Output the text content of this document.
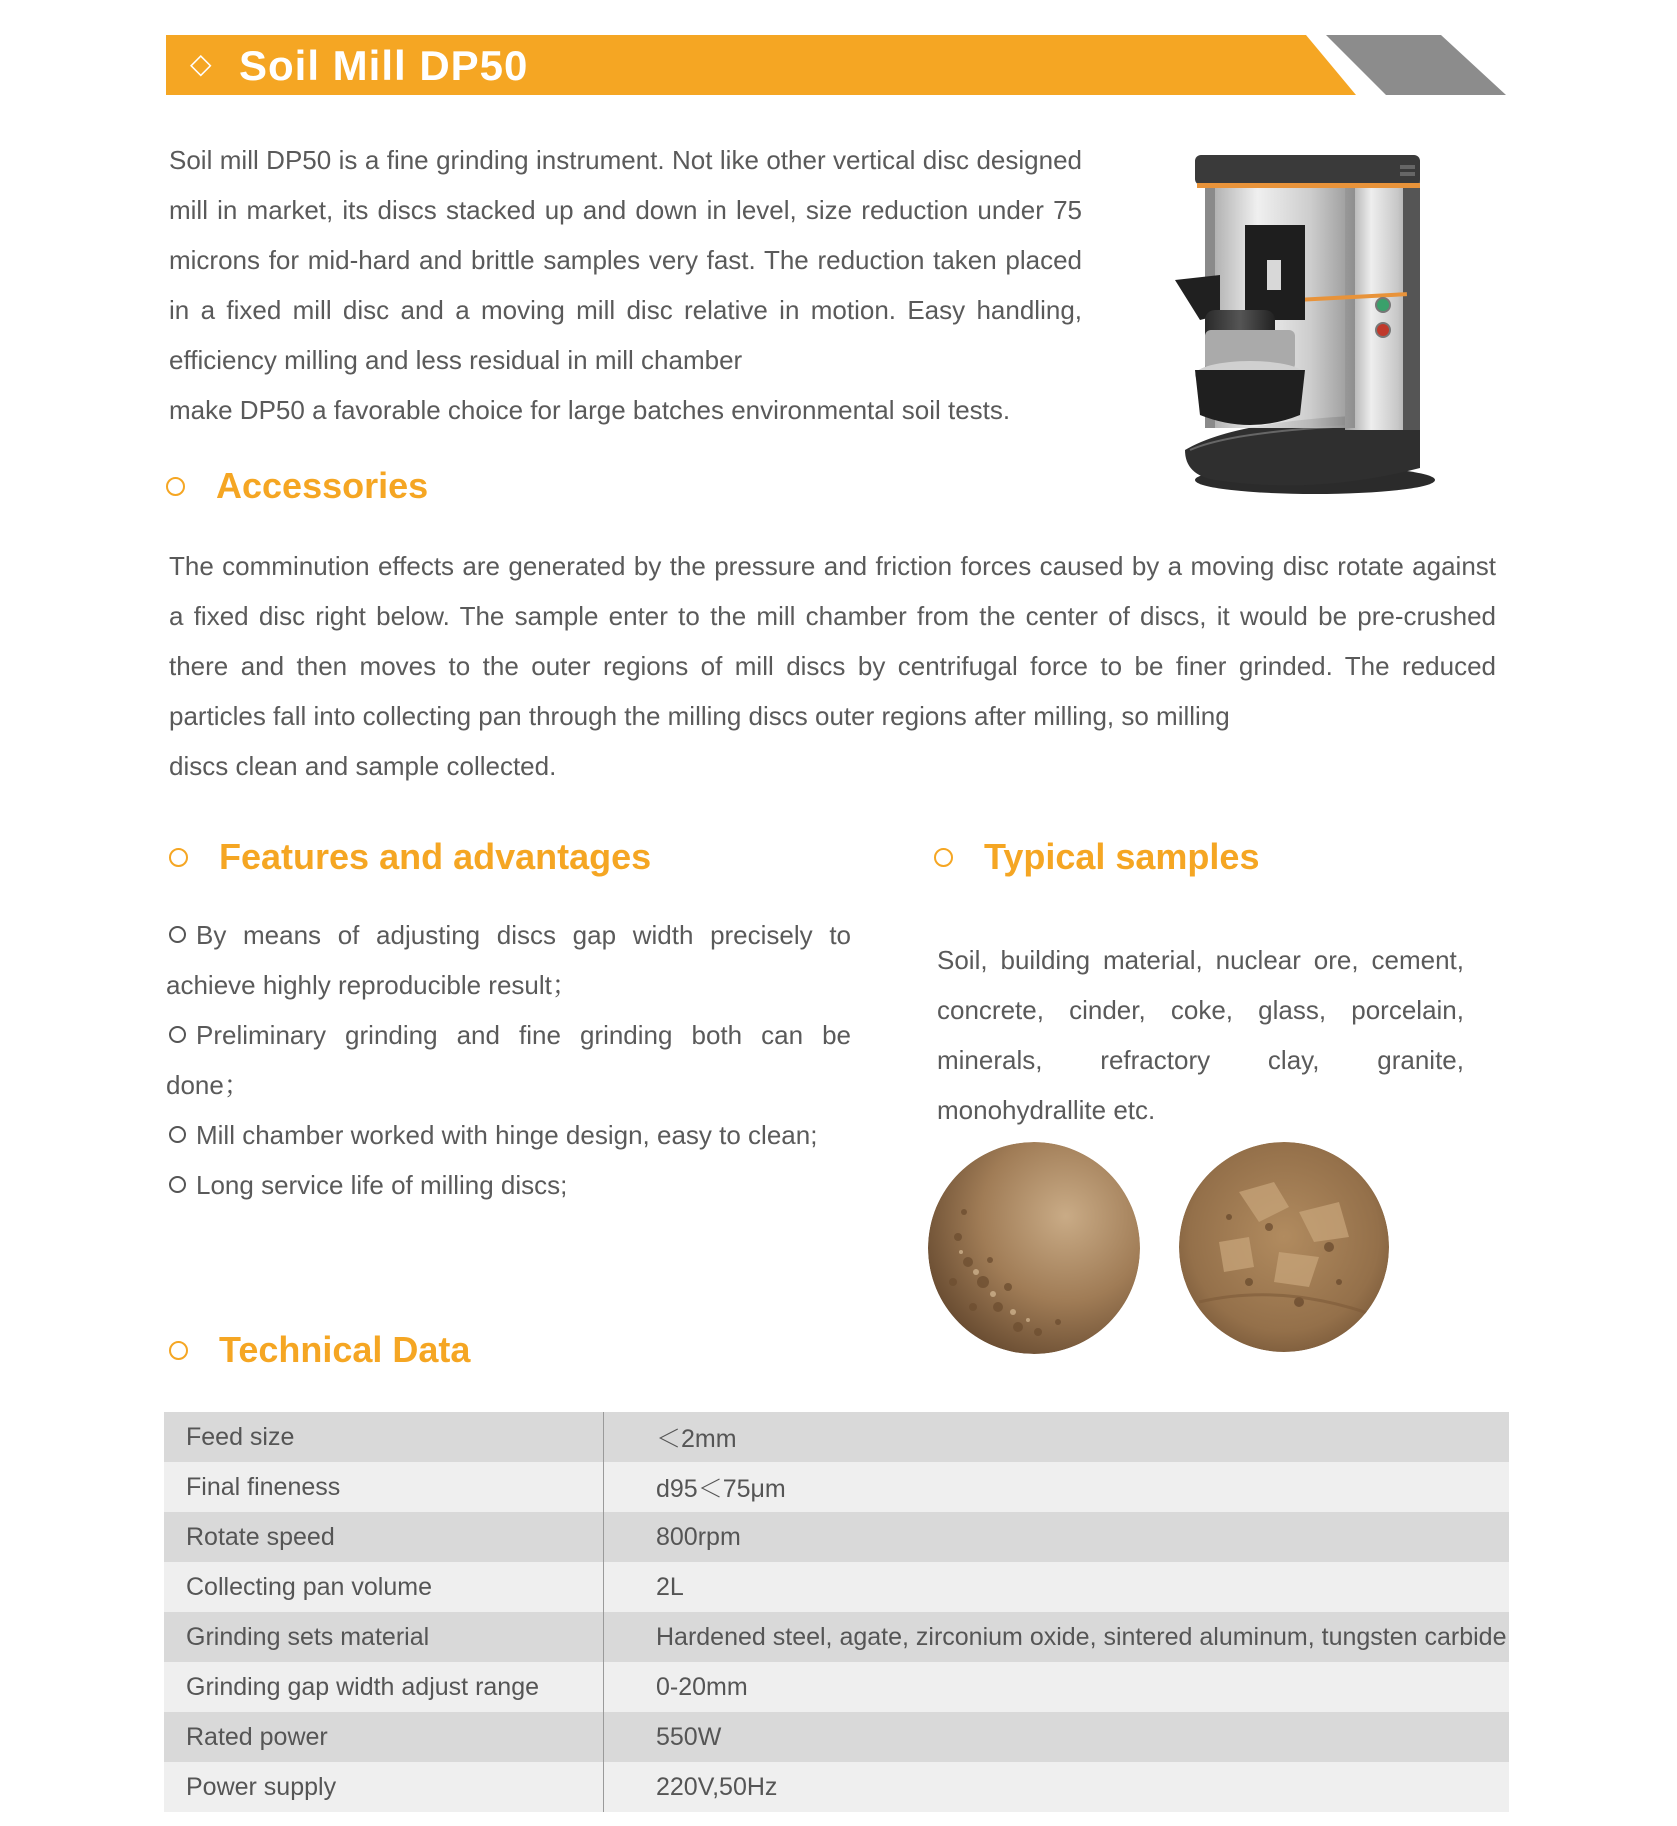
◇ Soil Mill DP50

Soil mill DP50 is a fine grinding instrument. Not like other vertical disc designed mill in market, its discs stacked up and down in level, size reduction under 75 microns for mid-hard and brittle samples very fast. The reduction taken placed in a fixed mill disc and a moving mill disc relative in motion. Easy handling, efficiency milling and less residual in mill chamber
make DP50 a favorable choice for large batches environmental soil tests.

Accessories

The comminution effects are generated by the pressure and friction forces caused by a moving disc rotate against a fixed disc right below. The sample enter to the mill chamber from the center of discs, it would be pre-crushed there and then moves to the outer regions of mill discs by centrifugal force to be finer grinded. The reduced particles fall into collecting pan through the milling discs outer regions after milling, so milling
discs clean and sample collected.

Features and advantages
By means of adjusting discs gap width precisely to achieve highly reproducible result；
Preliminary grinding and fine grinding both can be done；
Mill chamber worked with hinge design, easy to clean;
Long service life of milling discs;
Typical samples

Soil, building material, nuclear ore, cement, concrete, cinder, coke, glass, porcelain, minerals, refractory clay, granite, monohydrallite etc.

Technical Data
Feed size	＜2mm
Final fineness	d95＜75μm
Rotate speed	800rpm
Collecting pan volume	2L
Grinding sets material	Hardened steel, agate, zirconium oxide, sintered aluminum, tungsten carbide
Grinding gap width adjust range	0-20mm
Rated power	550W
Power supply	220V,50Hz
